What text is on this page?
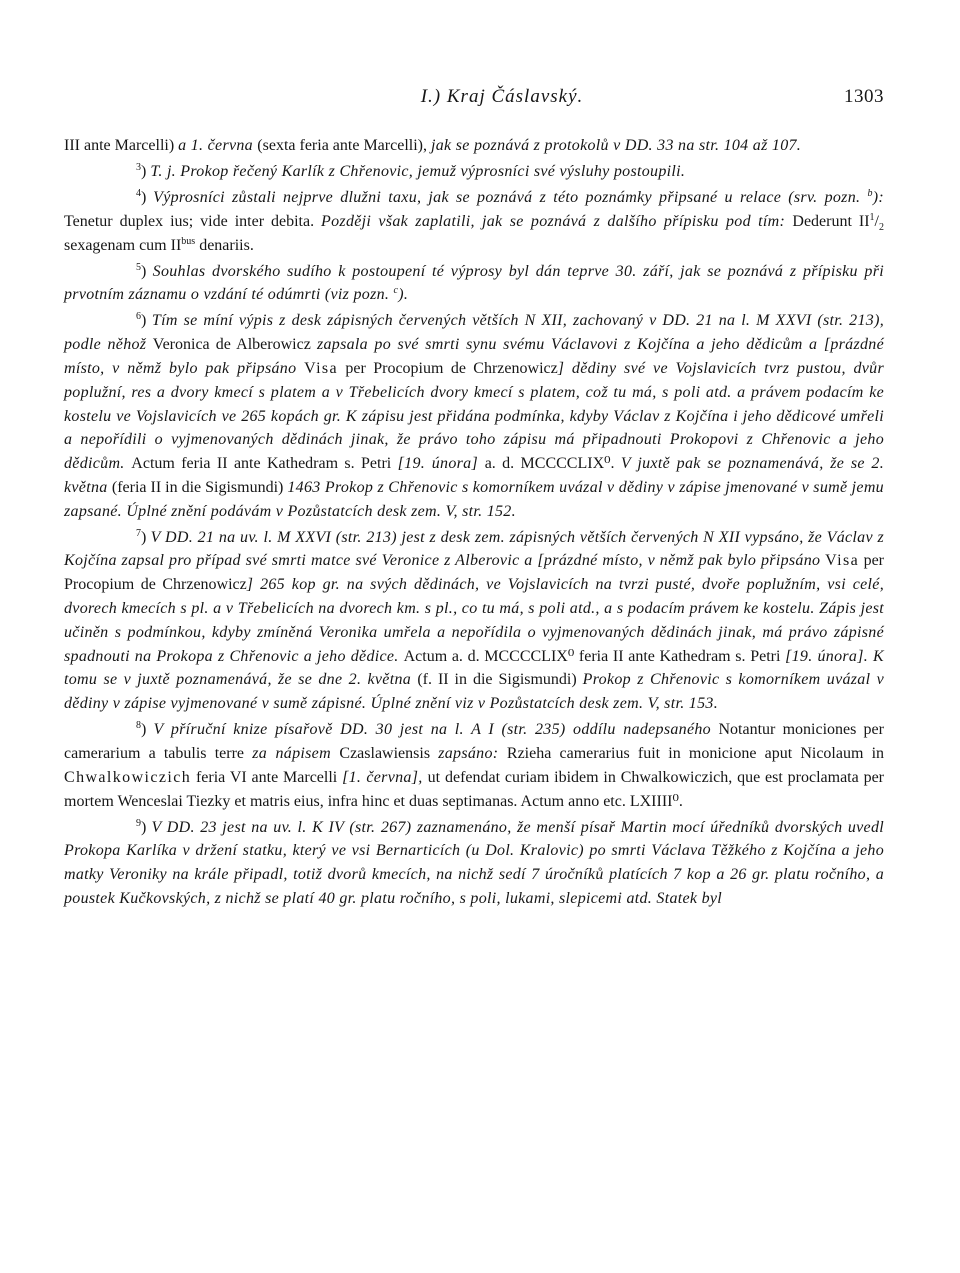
I.) Kraj Čáslavský.	1303

III ante Marcelli) a 1. června (sexta feria ante Marcelli), jak se poznává z protokolů v DD. 33 na str. 104 až 107.

$^3$) T. j. Prokop řečený Karlík z Chřenovic, jemuž výprosníci své výsluhy postoupili.

$^4$) Výprosníci zůstali nejprve dlužni taxu, jak se poznává z této poznámky připsané u relace (srv. pozn. $^b$): Tenetur duplex ius; vide inter debita. Později však zaplatili, jak se poznává z dalšího přípisku pod tím: Dederunt $II^1/_2$ sexagenam cum $II^{bus}$ denariis.

$^5$) Souhlas dvorského sudího k postoupení té výprosy byl dán teprve 30. září, jak se poznává z přípisku při prvotním záznamu o vzdání té odúmrti (viz pozn. $^c$).

$^6$) Tím se míní výpis z desk zápisných červených větších N XII, zachovaný v DD. 21 na l. M XXVI (str. 213), podle něhož Veronica de Alberowicz zapsala po své smrti synu svému Václavovi z Kojčína a jeho dědicům a [prázdné místo, v němž bylo pak připsáno Visa per Procopium de Chrzenowicz] dědiny své ve Vojslavicích tvrz pustou, dvůr poplužní, res a dvory kmecí s platem a v Třebelicích dvory kmecí s platem, což tu má, s poli atd. a právem podacím ke kostelu ve Vojslavicích ve 265 kopách gr. K zápisu jest přidána podmínka, kdyby Václav z Kojčína i jeho dědicové umřeli a nepořídili o vyjmenovaných dědinách jinak, že právo toho zápisu má připadnouti Prokopovi z Chřenovic a jeho dědicům. Actum feria II ante Kathedram s. Petri [19. února] a. d. MCCCCLIX⁰. V juxtě pak se poznamenává, že se 2. května (feria II in die Sigismundi) 1463 Prokop z Chřenovic s komorníkem uvázal v dědiny v zápise jmenované v sumě jemu zapsané. Úplné znění podávám v Pozůstatcích desk zem. V, str. 152.

$^7$) V DD. 21 na uv. l. M XXVI (str. 213) jest z desk zem. zápisných větších červených N XII vypsáno, že Václav z Kojčína zapsal pro případ své smrti matce své Veronice z Alberovic a [prázdné místo, v němž pak bylo připsáno Visa per Procopium de Chrzenowicz] 265 kop gr. na svých dědinách, ve Vojslavicích na tvrzi pusté, dvoře poplužním, vsi celé, dvorech kmecích s pl. a v Třebelicích na dvorech km. s pl., co tu má, s poli atd., a s podacím právem ke kostelu. Zápis jest učiněn s podmínkou, kdyby zmíněná Veronika umřela a nepořídila o vyjmenovaných dědinách jinak, má právo zápisné spadnouti na Prokopa z Chřenovic a jeho dědice. Actum a. d. MCCCCLIX⁰ feria II ante Kathedram s. Petri [19. února]. K tomu se v juxtě poznamenává, že se dne 2. května (f. II in die Sigismundi) Prokop z Chřenovic s komorníkem uvázal v dědiny v zápise vyjmenované v sumě zápisné. Úplné znění viz v Pozůstatcích desk zem. V, str. 153.

$^8$) V příruční knize písařově DD. 30 jest na l. A I (str. 235) oddílu nadepsaného Notantur moniciones per camerarium a tabulis terre za nápisem Czaslawiensis zapsáno: Rzieha camerarius fuit in monicione aput Nicolaum in Chwalkowiczich feria VI ante Marcelli [1. června], ut defendat curiam ibidem in Chwalkowiczich, que est proclamata per mortem Wenceslai Tiezky et matris eius, infra hinc et duas septimanas. Actum anno etc. LXIIII⁰.

$^9$) V DD. 23 jest na uv. l. K IV (str. 267) zaznamenáno, že menší písař Martin mocí úředníků dvorských uvedl Prokopa Karlíka v držení statku, který ve vsi Bernarticích (u Dol. Kralovic) po smrti Václava Těžkého z Kojčína a jeho matky Veroniky na krále připadl, totiž dvorů kmecích, na nichž sedí 7 úročníků platících 7 kop a 26 gr. platu ročního, a poustek Kučkovských, z nichž se platí 40 gr. platu ročního, s poli, lukami, slepicemi atd. Statek byl
